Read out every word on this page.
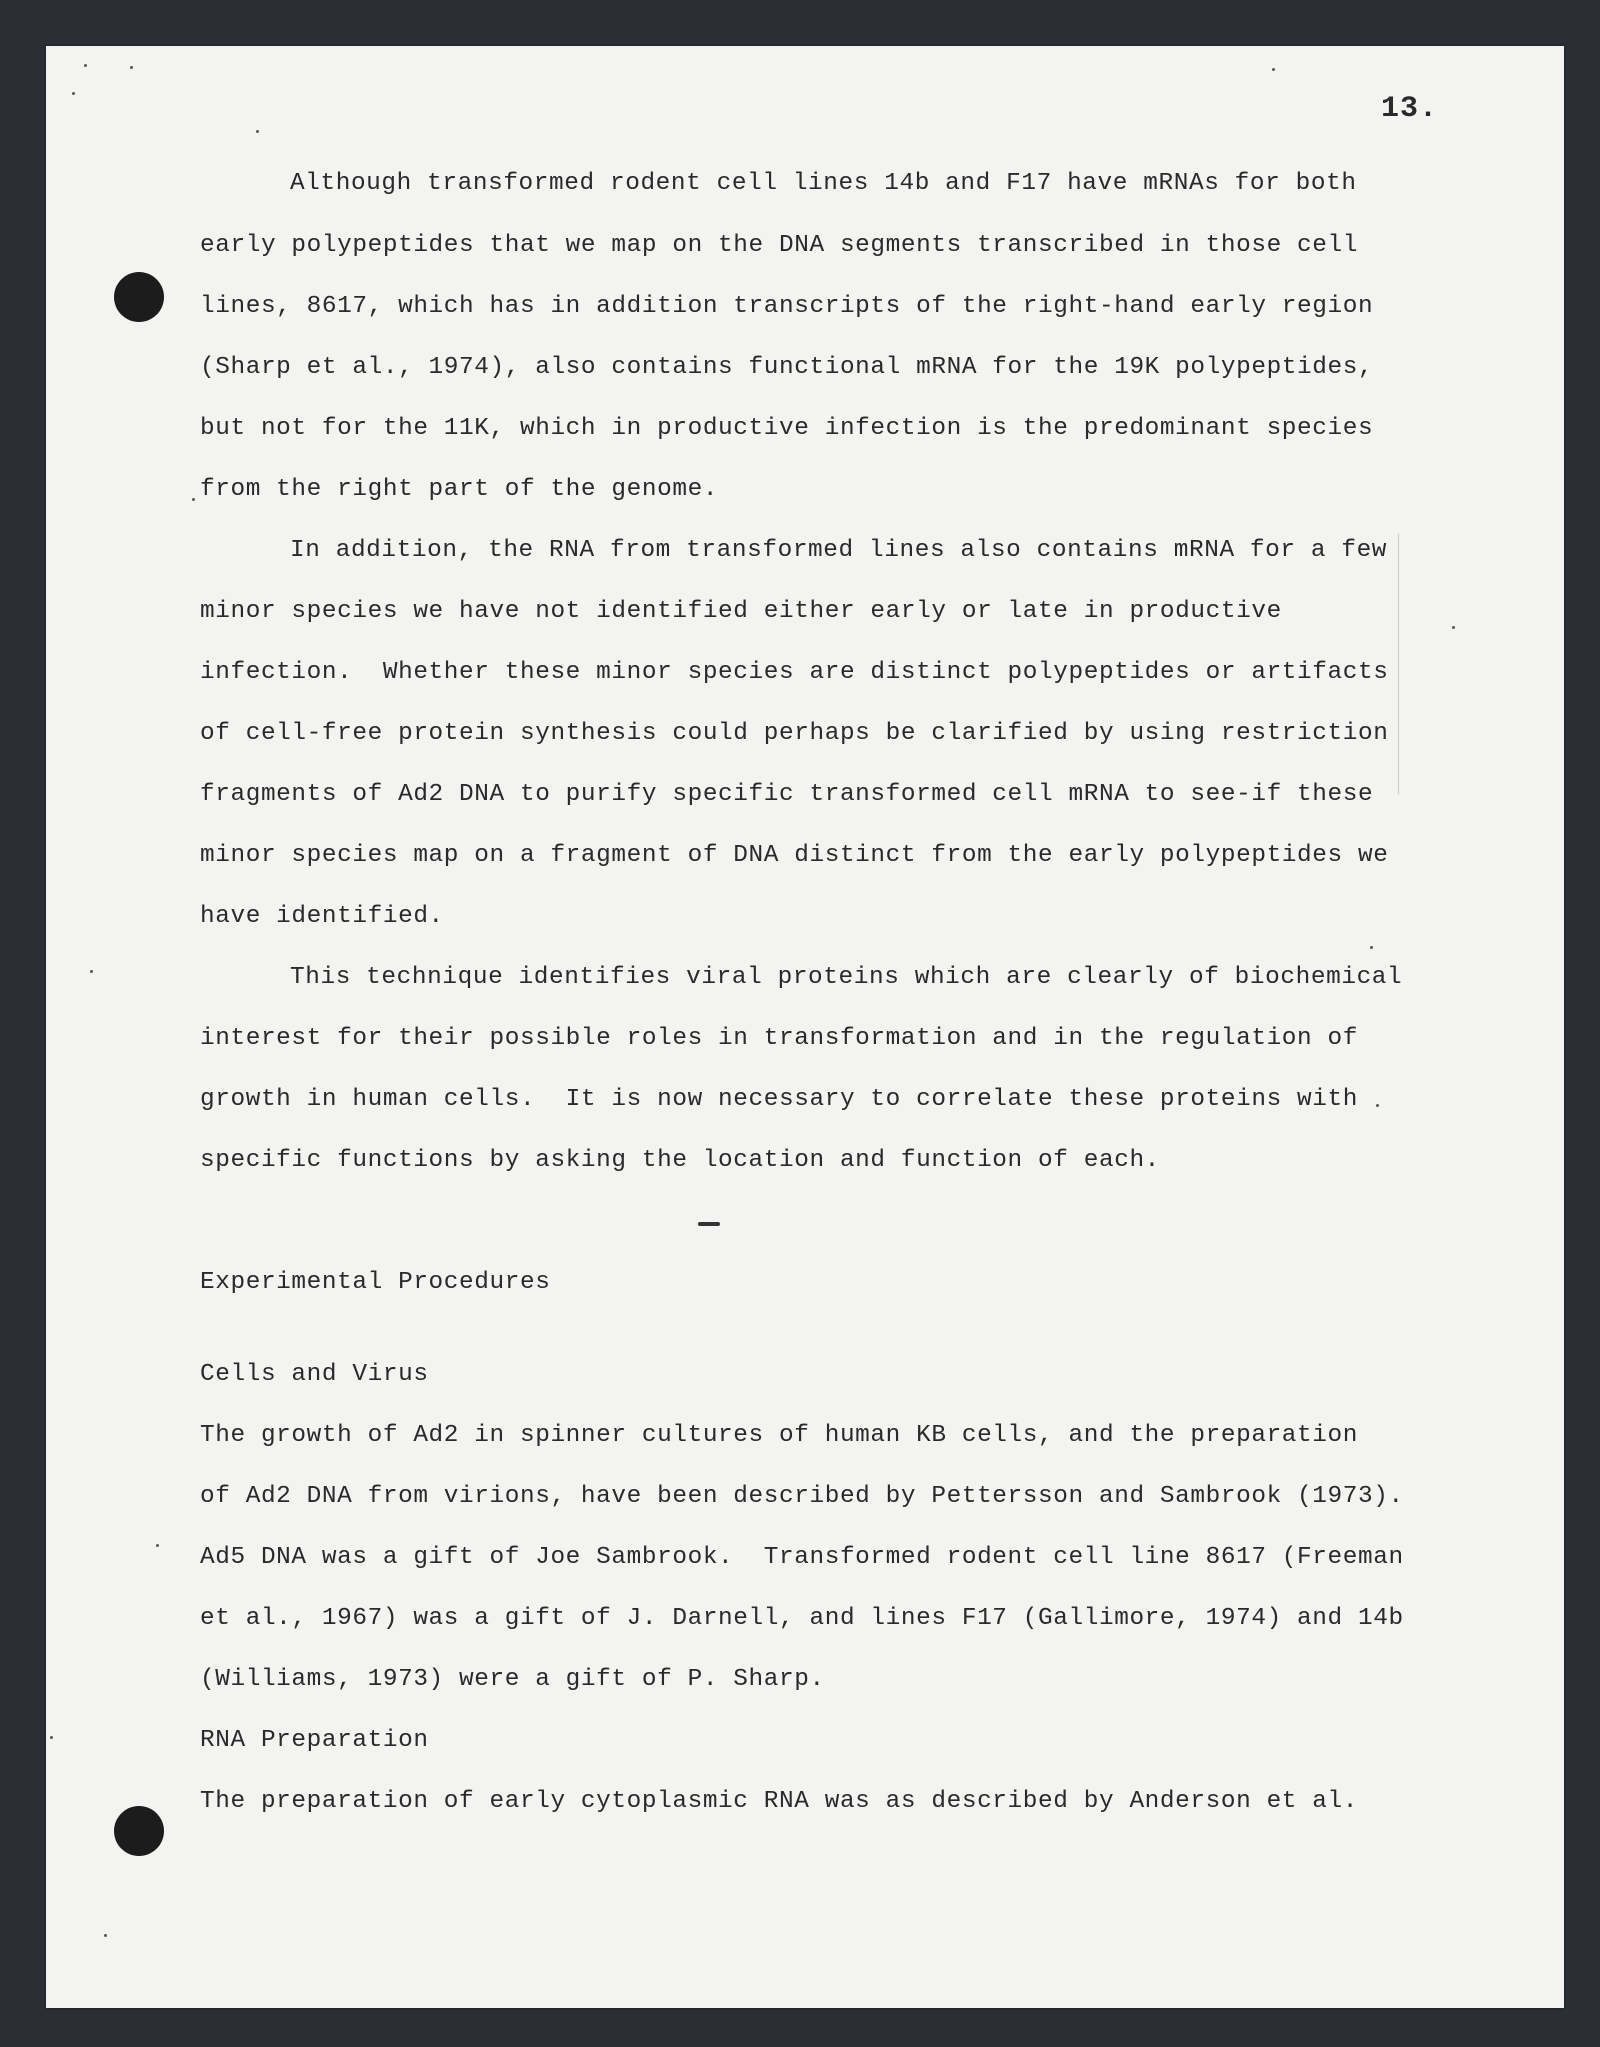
13.
Although transformed rodent cell lines 14b and F17 have mRNAs for both
early polypeptides that we map on the DNA segments transcribed in those cell
lines, 8617, which has in addition transcripts of the right-hand early region
(Sharp et al., 1974), also contains functional mRNA for the 19K polypeptides,
but not for the 11K, which in productive infection is the predominant species
from the right part of the genome.
In addition, the RNA from transformed lines also contains mRNA for a few
minor species we have not identified either early or late in productive
infection.  Whether these minor species are distinct polypeptides or artifacts
of cell-free protein synthesis could perhaps be clarified by using restriction
fragments of Ad2 DNA to purify specific transformed cell mRNA to see-if these
minor species map on a fragment of DNA distinct from the early polypeptides we
have identified.
This technique identifies viral proteins which are clearly of biochemical
interest for their possible roles in transformation and in the regulation of
growth in human cells.  It is now necessary to correlate these proteins with
specific functions by asking the location and function of each.
Experimental Procedures
Cells and Virus
The growth of Ad2 in spinner cultures of human KB cells, and the preparation
of Ad2 DNA from virions, have been described by Pettersson and Sambrook (1973).
Ad5 DNA was a gift of Joe Sambrook.  Transformed rodent cell line 8617 (Freeman
et al., 1967) was a gift of J. Darnell, and lines F17 (Gallimore, 1974) and 14b
(Williams, 1973) were a gift of P. Sharp.
RNA Preparation
The preparation of early cytoplasmic RNA was as described by Anderson et al.
